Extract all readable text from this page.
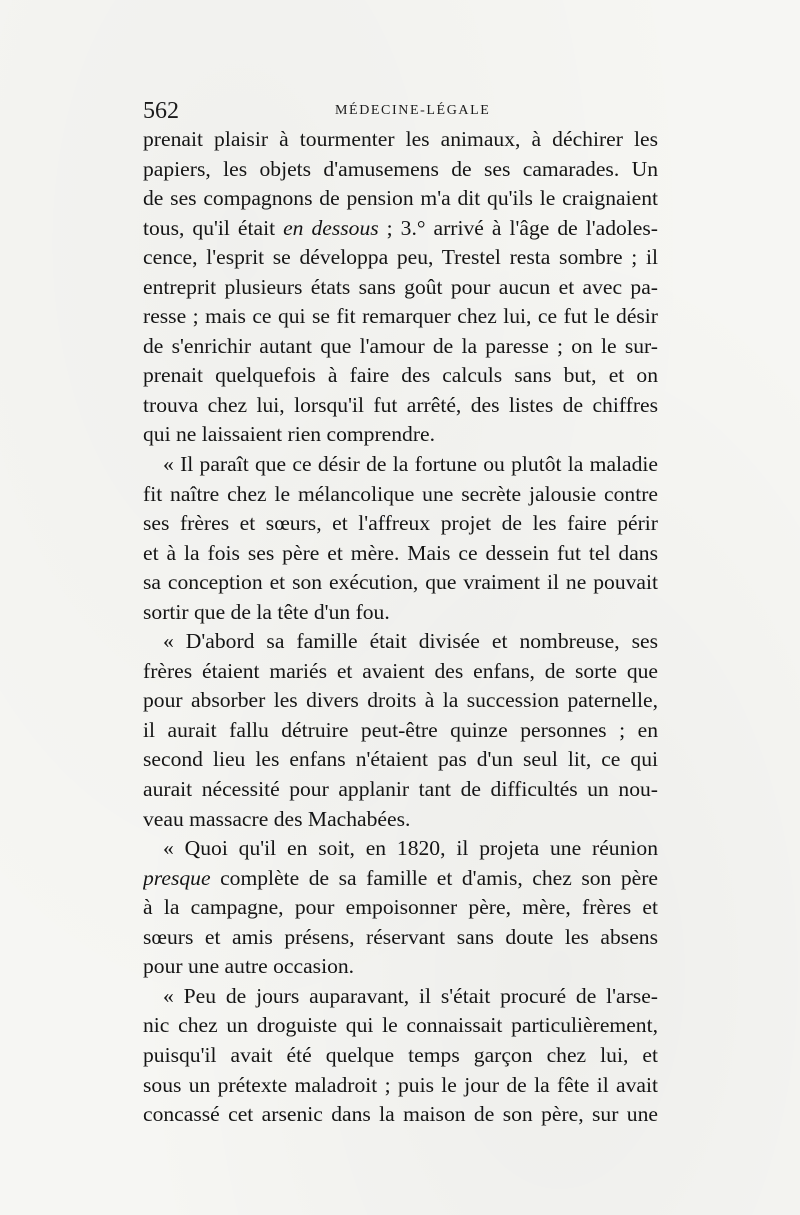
562	MÉDECINE-LÉGALE
prenait plaisir à tourmenter les animaux, à déchirer les
papiers, les objets d'amusemens de ses camarades. Un
de ses compagnons de pension m'a dit qu'ils le craignaient
tous, qu'il était en dessous ; 3.° arrivé à l'âge de l'adoles-
cence, l'esprit se développa peu, Trestel resta sombre ; il
entreprit plusieurs états sans goût pour aucun et avec pa-
resse ; mais ce qui se fit remarquer chez lui, ce fut le désir
de s'enrichir autant que l'amour de la paresse ; on le sur-
prenait quelquefois à faire des calculs sans but, et on
trouva chez lui, lorsqu'il fut arrêté, des listes de chiffres
qui ne laissaient rien comprendre.
« Il paraît que ce désir de la fortune ou plutôt la maladie
fit naître chez le mélancolique une secrète jalousie contre
ses frères et sœurs, et l'affreux projet de les faire périr
et à la fois ses père et mère. Mais ce dessein fut tel dans
sa conception et son exécution, que vraiment il ne pouvait
sortir que de la tête d'un fou.
« D'abord sa famille était divisée et nombreuse, ses
frères étaient mariés et avaient des enfans, de sorte que
pour absorber les divers droits à la succession paternelle,
il aurait fallu détruire peut-être quinze personnes ; en
second lieu les enfans n'étaient pas d'un seul lit, ce qui
aurait nécessité pour applanir tant de difficultés un nou-
veau massacre des Machabées.
« Quoi qu'il en soit, en 1820, il projeta une réunion
presque complète de sa famille et d'amis, chez son père
à la campagne, pour empoisonner père, mère, frères et
sœurs et amis présens, réservant sans doute les absens
pour une autre occasion.
« Peu de jours auparavant, il s'était procuré de l'arse-
nic chez un droguiste qui le connaissait particulièrement,
puisqu'il avait été quelque temps garçon chez lui, et
sous un prétexte maladroit ; puis le jour de la fête il avait
concassé cet arsenic dans la maison de son père, sur une
